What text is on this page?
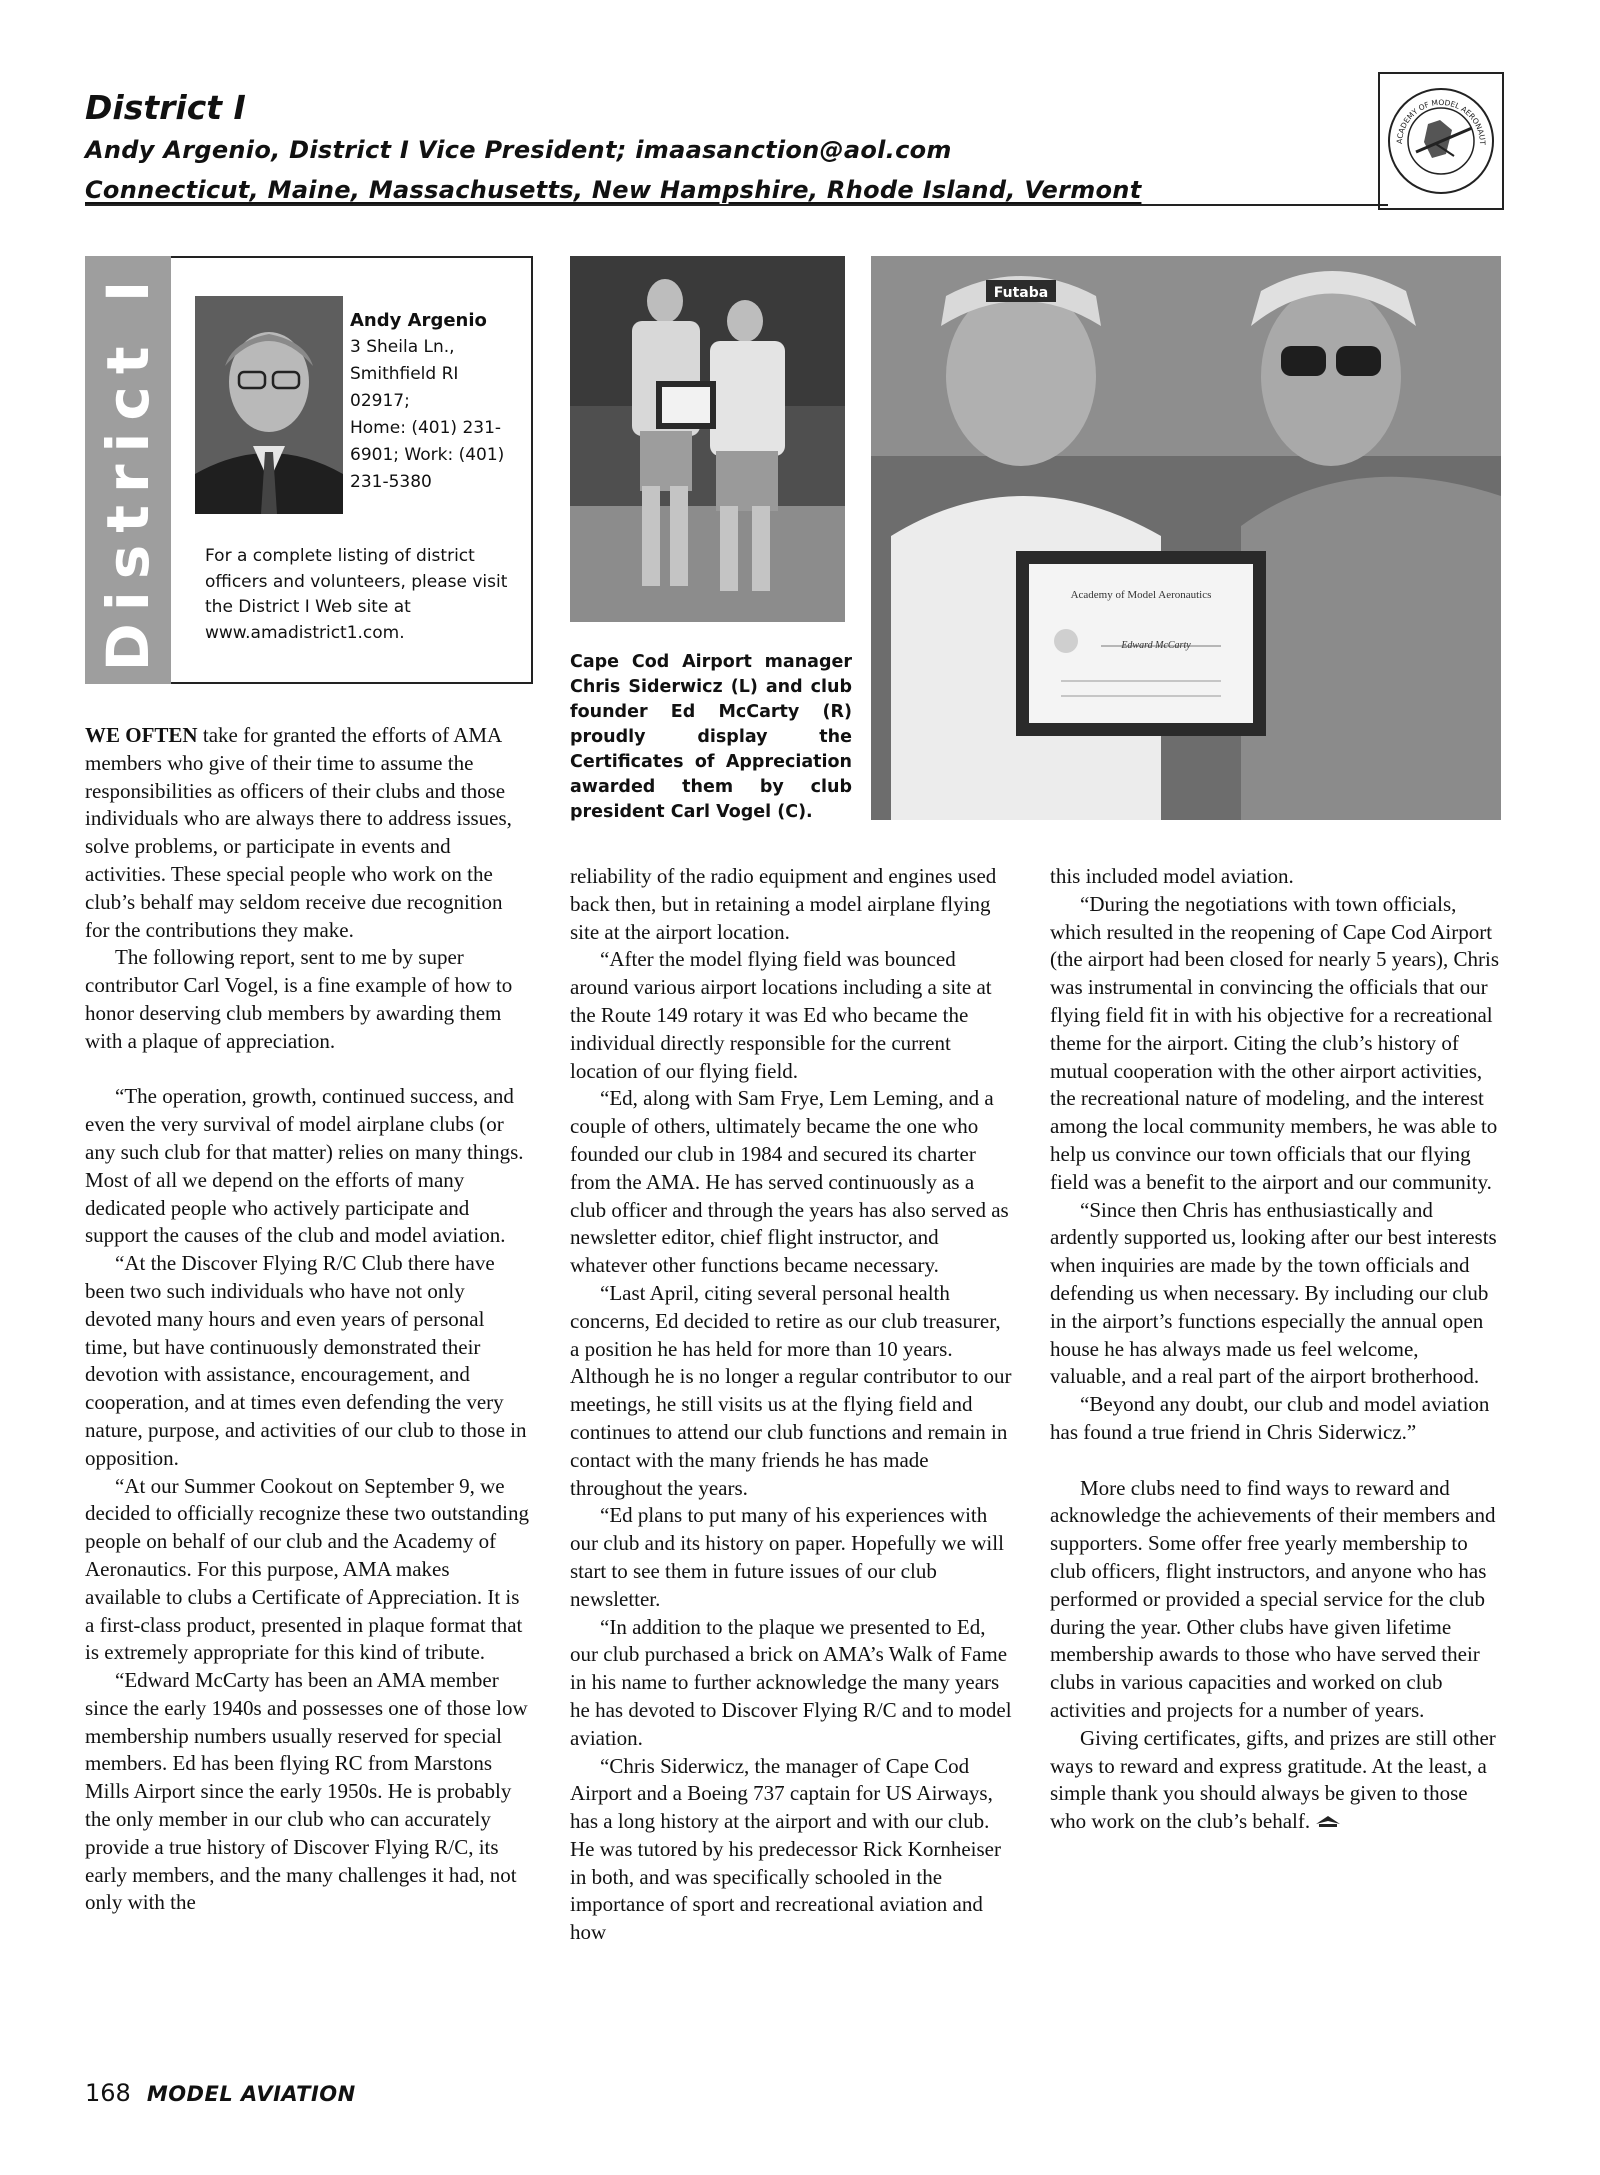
District I
Andy Argenio, District I Vice President; imaasanction@aol.com
Connecticut, Maine, Massachusetts, New Hampshire, Rhode Island, Vermont
ACADEMY OF MODEL AERONAUT
District I	Andy Argenio
3 Sheila Ln.,
Smithfield RI
02917;
Home: (401) 231-
6901; Work: (401)
231-5380
For a complete listing of district officers and volunteers, please visit the District I Web site at www.amadistrict1.com.
Futaba
Academy of Model Aeronautics
Edward McCarty
Cape Cod Airport manager Chris Siderwicz (L) and club founder Ed McCarty (R) proudly display the Certificates of Appreciation awarded them by club president Carl Vogel (C).

WE OFTEN take for granted the efforts of AMA members who give of their time to assume the responsibilities as officers of their clubs and those individuals who are always there to address issues, solve problems, or participate in events and activities. These special people who work on the club’s behalf may seldom receive due recognition for the contributions they make.

The following report, sent to me by super contributor Carl Vogel, is a fine example of how to honor deserving club members by awarding them with a plaque of appreciation.

“The operation, growth, continued success, and even the very survival of model airplane clubs (or any such club for that matter) relies on many things. Most of all we depend on the efforts of many dedicated people who actively participate and support the causes of the club and model aviation.

“At the Discover Flying R/C Club there have been two such individuals who have not only devoted many hours and even years of personal time, but have continuously demonstrated their devotion with assistance, encouragement, and cooperation, and at times even defending the very nature, purpose, and activities of our club to those in opposition.

“At our Summer Cookout on September 9, we decided to officially recognize these two outstanding people on behalf of our club and the Academy of Aeronautics. For this purpose, AMA makes available to clubs a Certificate of Appreciation. It is a first-class product, presented in plaque format that is extremely appropriate for this kind of tribute.

“Edward McCarty has been an AMA member since the early 1940s and possesses one of those low membership numbers usually reserved for special members. Ed has been flying RC from Marstons Mills Airport since the early 1950s. He is probably the only member in our club who can accurately provide a true history of Discover Flying R/C, its early members, and the many challenges it had, not only with the

reliability of the radio equipment and engines used back then, but in retaining a model airplane flying site at the airport location.

“After the model flying field was bounced around various airport locations including a site at the Route 149 rotary it was Ed who became the individual directly responsible for the current location of our flying field.

“Ed, along with Sam Frye, Lem Leming, and a couple of others, ultimately became the one who founded our club in 1984 and secured its charter from the AMA. He has served continuously as a club officer and through the years has also served as newsletter editor, chief flight instructor, and whatever other functions became necessary.

“Last April, citing several personal health concerns, Ed decided to retire as our club treasurer, a position he has held for more than 10 years. Although he is no longer a regular contributor to our meetings, he still visits us at the flying field and continues to attend our club functions and remain in contact with the many friends he has made throughout the years.

“Ed plans to put many of his experiences with our club and its history on paper. Hopefully we will start to see them in future issues of our club newsletter.

“In addition to the plaque we presented to Ed, our club purchased a brick on AMA’s Walk of Fame in his name to further acknowledge the many years he has devoted to Discover Flying R/C and to model aviation.

“Chris Siderwicz, the manager of Cape Cod Airport and a Boeing 737 captain for US Airways, has a long history at the airport and with our club. He was tutored by his predecessor Rick Kornheiser in both, and was specifically schooled in the importance of sport and recreational aviation and how

this included model aviation.

“During the negotiations with town officials, which resulted in the reopening of Cape Cod Airport (the airport had been closed for nearly 5 years), Chris was instrumental in convincing the officials that our flying field fit in with his objective for a recreational theme for the airport. Citing the club’s history of mutual cooperation with the other airport activities, the recreational nature of modeling, and the interest among the local community members, he was able to help us convince our town officials that our flying field was a benefit to the airport and our community.

“Since then Chris has enthusiastically and ardently supported us, looking after our best interests when inquiries are made by the town officials and defending us when necessary. By including our club in the airport’s functions especially the annual open house he has always made us feel welcome, valuable, and a real part of the airport brotherhood.

“Beyond any doubt, our club and model aviation has found a true friend in Chris Siderwicz.”

More clubs need to find ways to reward and acknowledge the achievements of their members and supporters. Some offer free yearly membership to club officers, flight instructors, and anyone who has performed or provided a special service for the club during the year. Other clubs have given lifetime membership awards to those who have served their clubs in various capacities and worked on club activities and projects for a number of years.

Giving certificates, gifts, and prizes are still other ways to reward and express gratitude. At the least, a simple thank you should always be given to those who work on the club’s behalf.

168 MODEL AVIATION
